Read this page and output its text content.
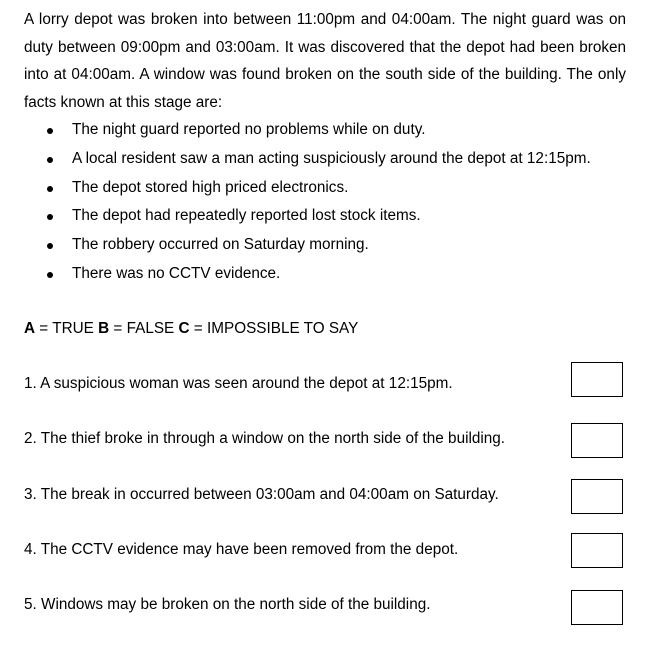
A lorry depot was broken into between 11:00pm and 04:00am. The night guard was on duty between 09:00pm and 03:00am. It was discovered that the depot had been broken into at 04:00am. A window was found broken on the south side of the building. The only facts known at this stage are:

The night guard reported no problems while on duty.
A local resident saw a man acting suspiciously around the depot at 12:15pm.
The depot stored high priced electronics.
The depot had repeatedly reported lost stock items.
The robbery occurred on Saturday morning.
There was no CCTV evidence.
A = TRUE B = FALSE C = IMPOSSIBLE TO SAY
1. A suspicious woman was seen around the depot at 12:15pm.
2. The thief broke in through a window on the north side of the building.
3. The break in occurred between 03:00am and 04:00am on Saturday.
4. The CCTV evidence may have been removed from the depot.
5. Windows may be broken on the north side of the building.
